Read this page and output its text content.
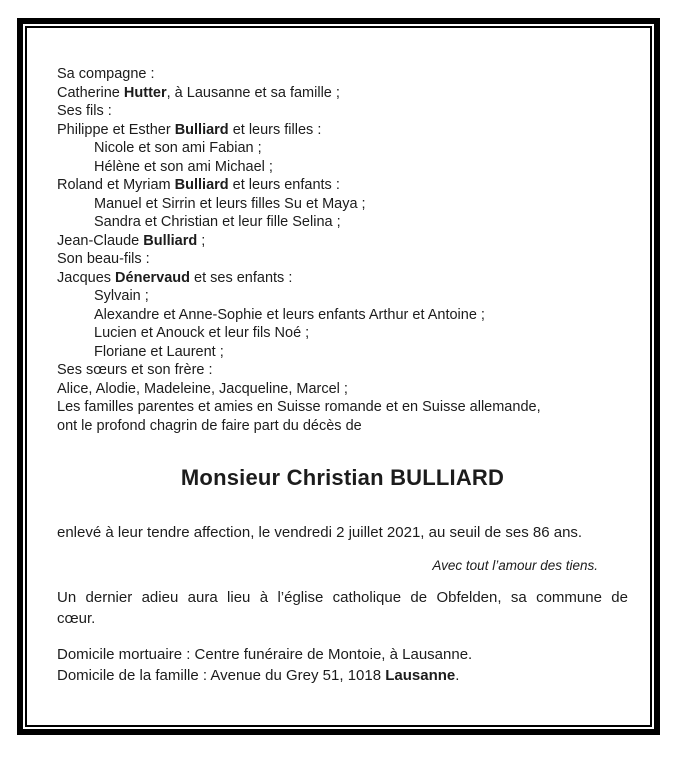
Sa compagne :
Catherine Hutter, à Lausanne et sa famille ;
Ses fils :
Philippe et Esther Bulliard et leurs filles :
Nicole et son ami Fabian ;
Hélène et son ami Michael ;
Roland et Myriam Bulliard et leurs enfants :
Manuel et Sirrin et leurs filles Su et Maya ;
Sandra et Christian et leur fille Selina ;
Jean-Claude Bulliard ;
Son beau-fils :
Jacques Dénervaud et ses enfants :
Sylvain ;
Alexandre et Anne-Sophie et leurs enfants Arthur et Antoine ;
Lucien et Anouck et leur fils Noé ;
Floriane et Laurent ;
Ses sœurs et son frère :
Alice, Alodie, Madeleine, Jacqueline, Marcel ;
Les familles parentes et amies en Suisse romande et en Suisse allemande,
ont le profond chagrin de faire part du décès de
Monsieur Christian BULLIARD

enlevé à leur tendre affection, le vendredi 2 juillet 2021, au seuil de ses 86 ans.

Avec tout l’amour des tiens.

Un dernier adieu aura lieu à l’église catholique de Obfelden, sa commune de
cœur.
Domicile mortuaire : Centre funéraire de Montoie, à Lausanne.
Domicile de la famille : Avenue du Grey 51, 1018 Lausanne.
